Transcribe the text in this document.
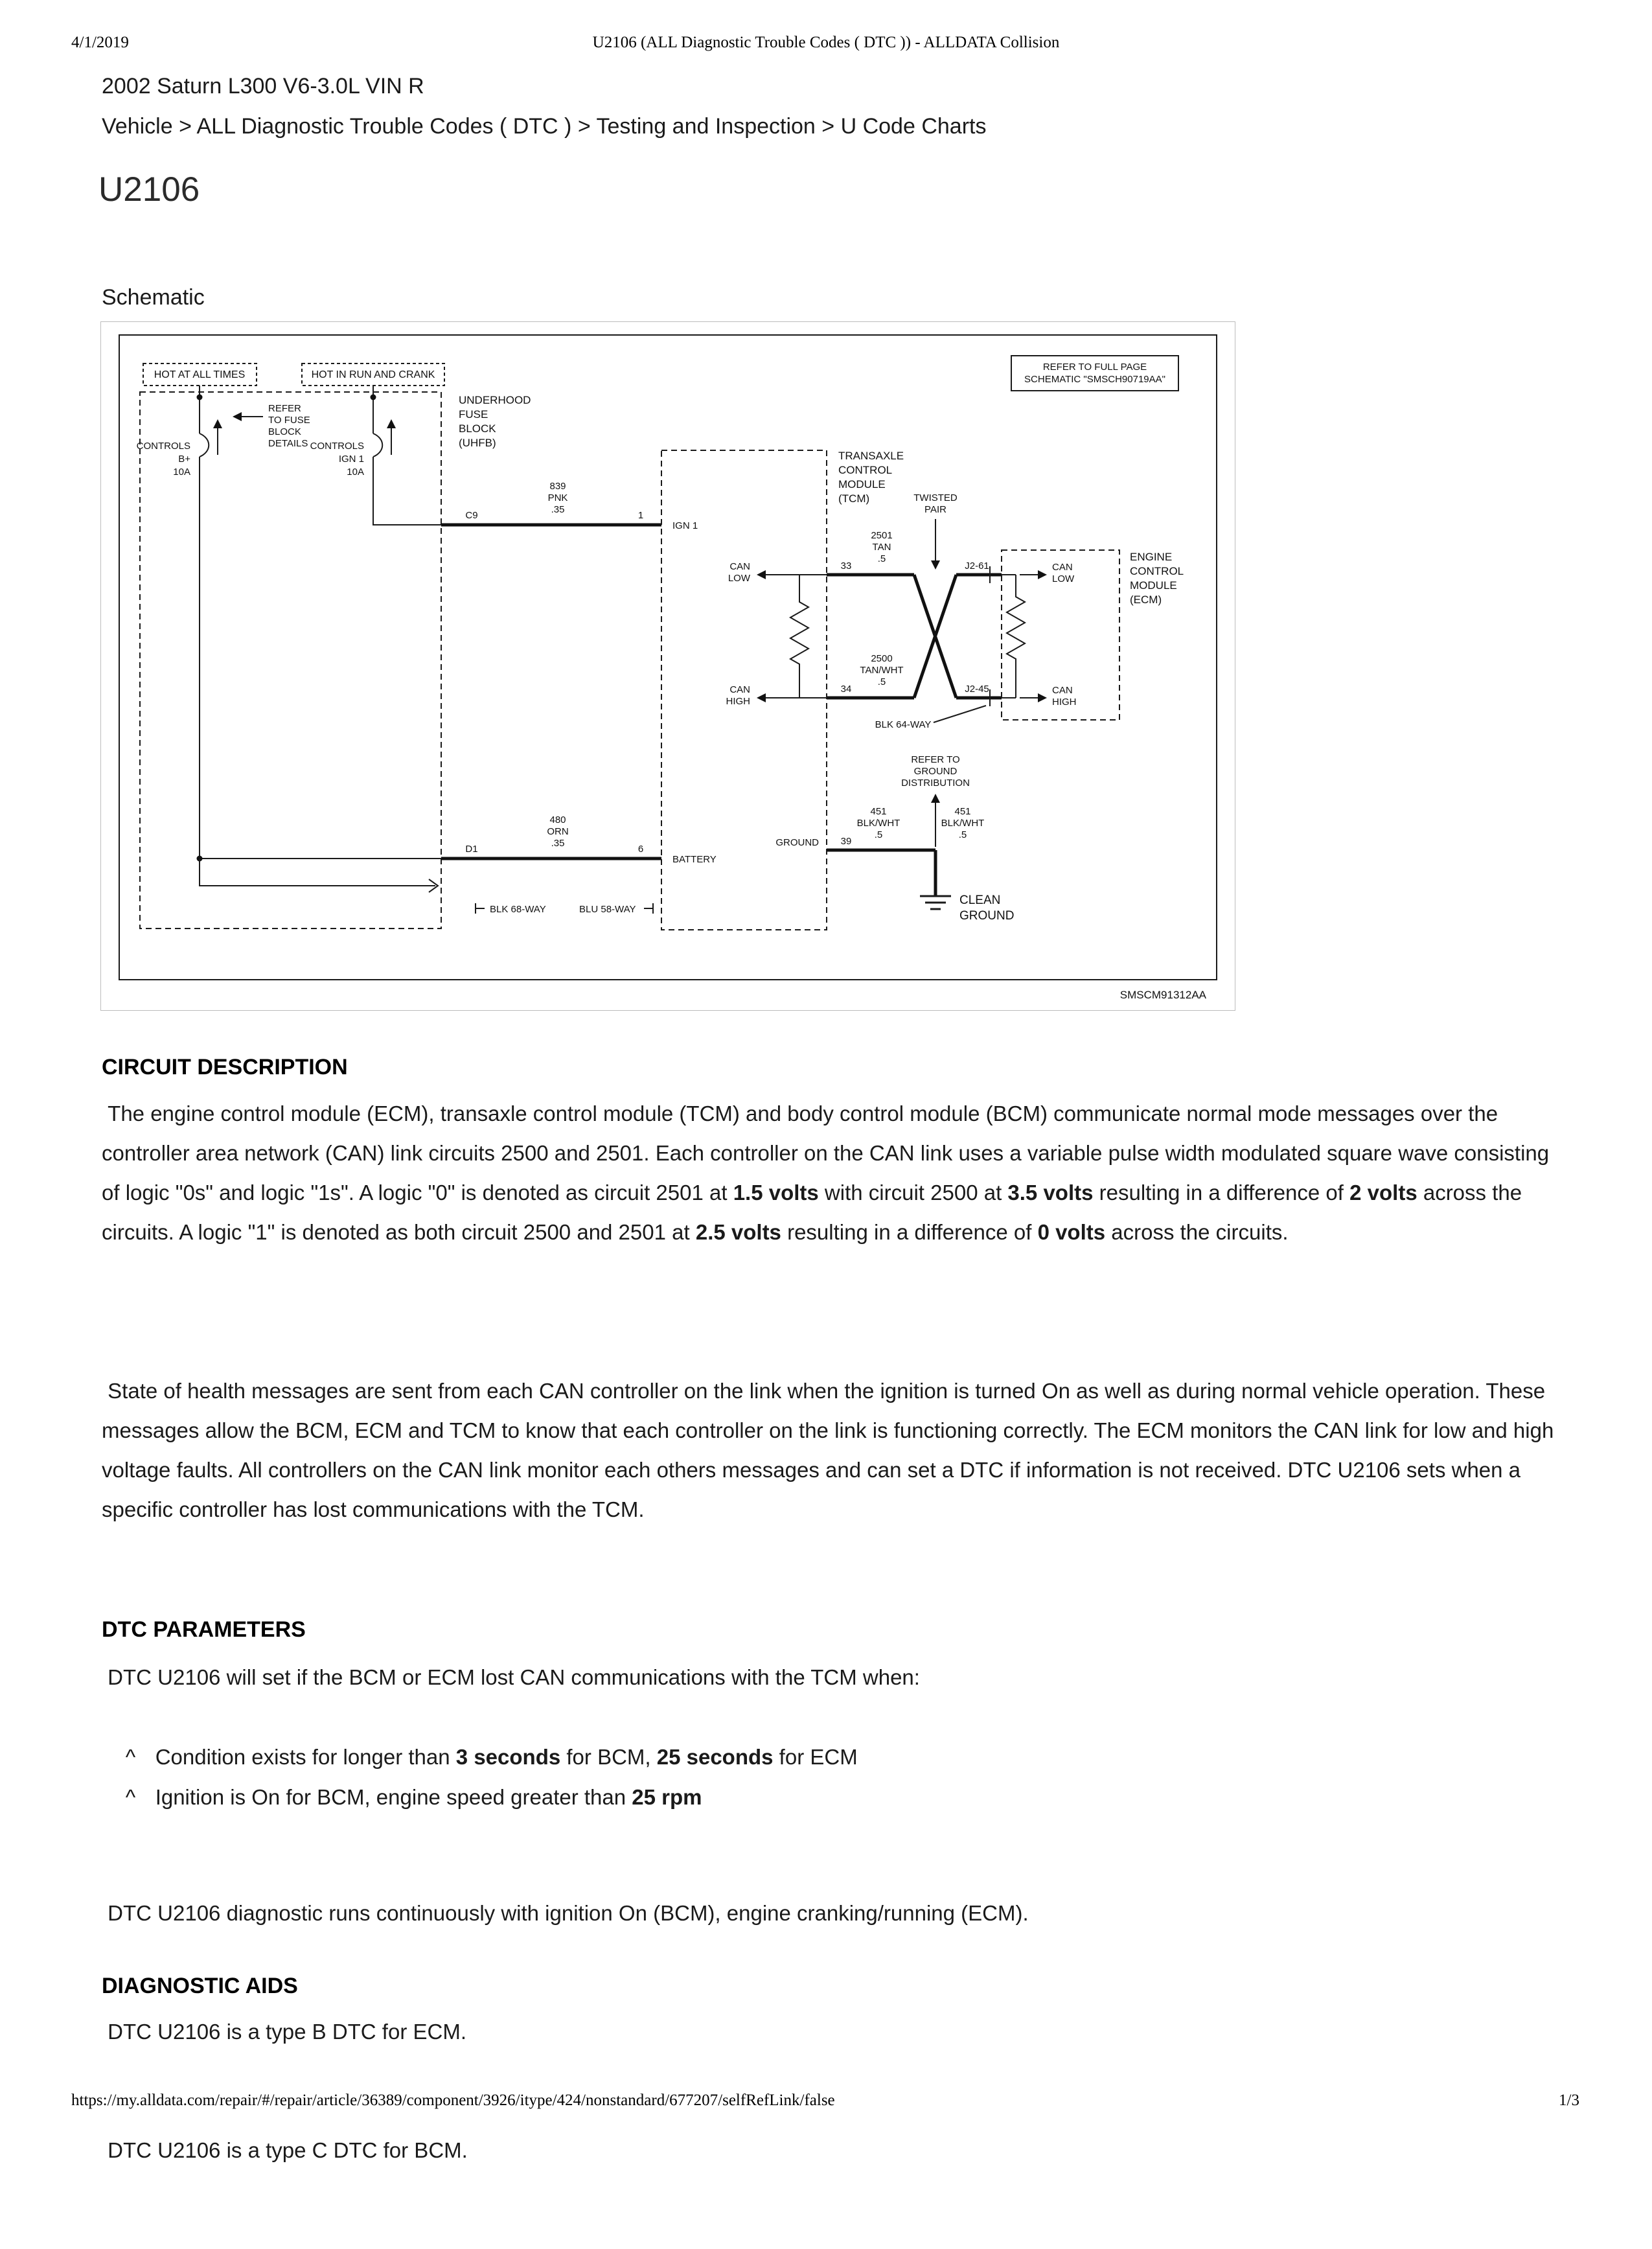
4/1/2019	U2106 (ALL Diagnostic Trouble Codes ( DTC )) - ALLDATA Collision
2002 Saturn L300 V6-3.0L VIN R
Vehicle > ALL Diagnostic Trouble Codes ( DTC ) > Testing and Inspection > U Code Charts
U2106
Schematic
SMSCM91312AA
REFER TO FULL PAGE
SCHEMATIC "SMSCH90719AA"
HOT AT ALL TIMES	HOT IN RUN AND CRANK
UNDERHOOD
FUSE
BLOCK
(UHFB)
CONTROLS
B+
10A
CONTROLS
IGN 1
10A
REFER
TO FUSE
BLOCK
DETAILS
C9	1
839
PNK
.35
D1	6
480
ORN
.35
BLK 68-WAY	BLU 58-WAY
TRANSAXLE
CONTROL
MODULE
(TCM)
IGN 1
BATTERY
GROUND
CAN
LOW
CAN
HIGH
33
34
2501
TAN
.5
2500
TAN/WHT
.5
J2-61
J2-45
TWISTED
PAIR
BLK 64-WAY
ENGINE
CONTROL
MODULE
(ECM)
CAN
LOW
CAN
HIGH
39
451
BLK/WHT
.5
451
BLK/WHT
.5
REFER TO
GROUND
DISTRIBUTION
CLEAN
GROUND
CIRCUIT DESCRIPTION

The engine control module (ECM), transaxle control module (TCM) and body control module (BCM) communicate normal mode messages over the controller area network (CAN) link circuits 2500 and 2501. Each controller on the CAN link uses a variable pulse width modulated square wave consisting of logic "0s" and logic "1s". A logic "0" is denoted as circuit 2501 at 1.5 volts with circuit 2500 at 3.5 volts resulting in a difference of 2 volts across the circuits. A logic "1" is denoted as both circuit 2500 and 2501 at 2.5 volts resulting in a difference of 0 volts across the circuits.

State of health messages are sent from each CAN controller on the link when the ignition is turned On as well as during normal vehicle operation. These messages allow the BCM, ECM and TCM to know that each controller on the link is functioning correctly. The ECM monitors the CAN link for low and high voltage faults. All controllers on the CAN link monitor each others messages and can set a DTC if information is not received. DTC U2106 sets when a specific controller has lost communications with the TCM.

DTC PARAMETERS

DTC U2106 will set if the BCM or ECM lost CAN communications with the TCM when:

^ Condition exists for longer than 3 seconds for BCM, 25 seconds for ECM

^ Ignition is On for BCM, engine speed greater than 25 rpm

DTC U2106 diagnostic runs continuously with ignition On (BCM), engine cranking/running (ECM).

DTC U2106 is a type B DTC for ECM.

DTC U2106 is a type C DTC for BCM.

DIAGNOSTIC AIDS
https://my.alldata.com/repair/#/repair/article/36389/component/3926/itype/424/nonstandard/677207/selfRefLink/false	1/3
